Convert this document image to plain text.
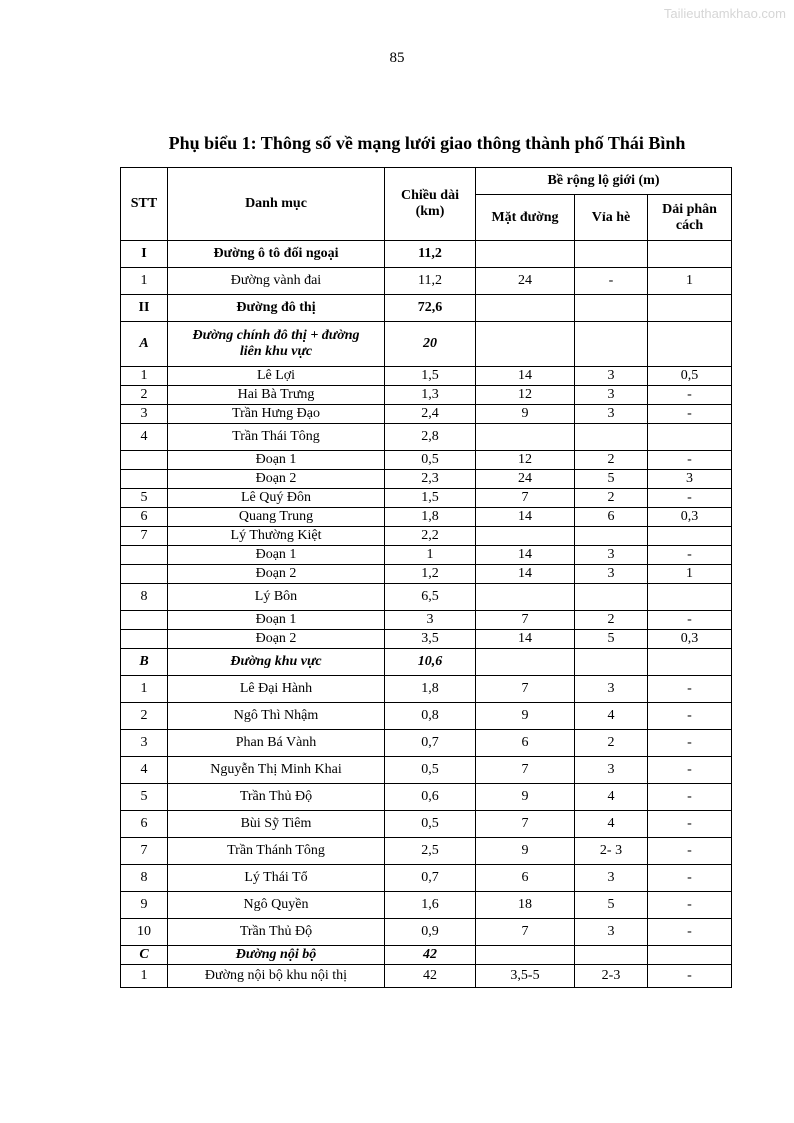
Tailieuthamkhao.com
85
Phụ biểu 1: Thông số về mạng lưới giao thông thành phố Thái Bình
STT	Danh mục	Chiều dài (km)	Bề rộng lộ giới (m)		
			Mặt đường	Vỉa hè	Dải phân cách
I	Đường ô tô đối ngoại	11,2			
1	Đường vành đai	11,2	24	-	1
II	Đường đô thị	72,6			
A	Đường chính đô thị + đường liên khu vực	20			
1	Lê Lợi	1,5	14	3	0,5
2	Hai Bà Trưng	1,3	12	3	-
3	Trần Hưng Đạo	2,4	9	3	-
4	Trần Thái Tông	2,8			
	Đoạn 1	0,5	12	2	-
	Đoạn 2	2,3	24	5	3
5	Lê Quý Đôn	1,5	7	2	-
6	Quang Trung	1,8	14	6	0,3
7	Lý Thường Kiệt	2,2			
	Đoạn 1	1	14	3	-
	Đoạn 2	1,2	14	3	1
8	Lý Bôn	6,5			
	Đoạn 1	3	7	2	-
	Đoạn 2	3,5	14	5	0,3
B	Đường khu vực	10,6			
1	Lê Đại Hành	1,8	7	3	-
2	Ngô Thì Nhậm	0,8	9	4	-
3	Phan Bá Vành	0,7	6	2	-
4	Nguyễn Thị Minh Khai	0,5	7	3	-
5	Trần Thủ Độ	0,6	9	4	-
6	Bùi Sỹ Tiêm	0,5	7	4	-
7	Trần Thánh Tông	2,5	9	2- 3	-
8	Lý Thái Tổ	0,7	6	3	-
9	Ngô Quyền	1,6	18	5	-
10	Trần Thủ Độ	0,9	7	3	-
C	Đường nội bộ	42			
1	Đường nội bộ khu nội thị	42	3,5-5	2-3	-
